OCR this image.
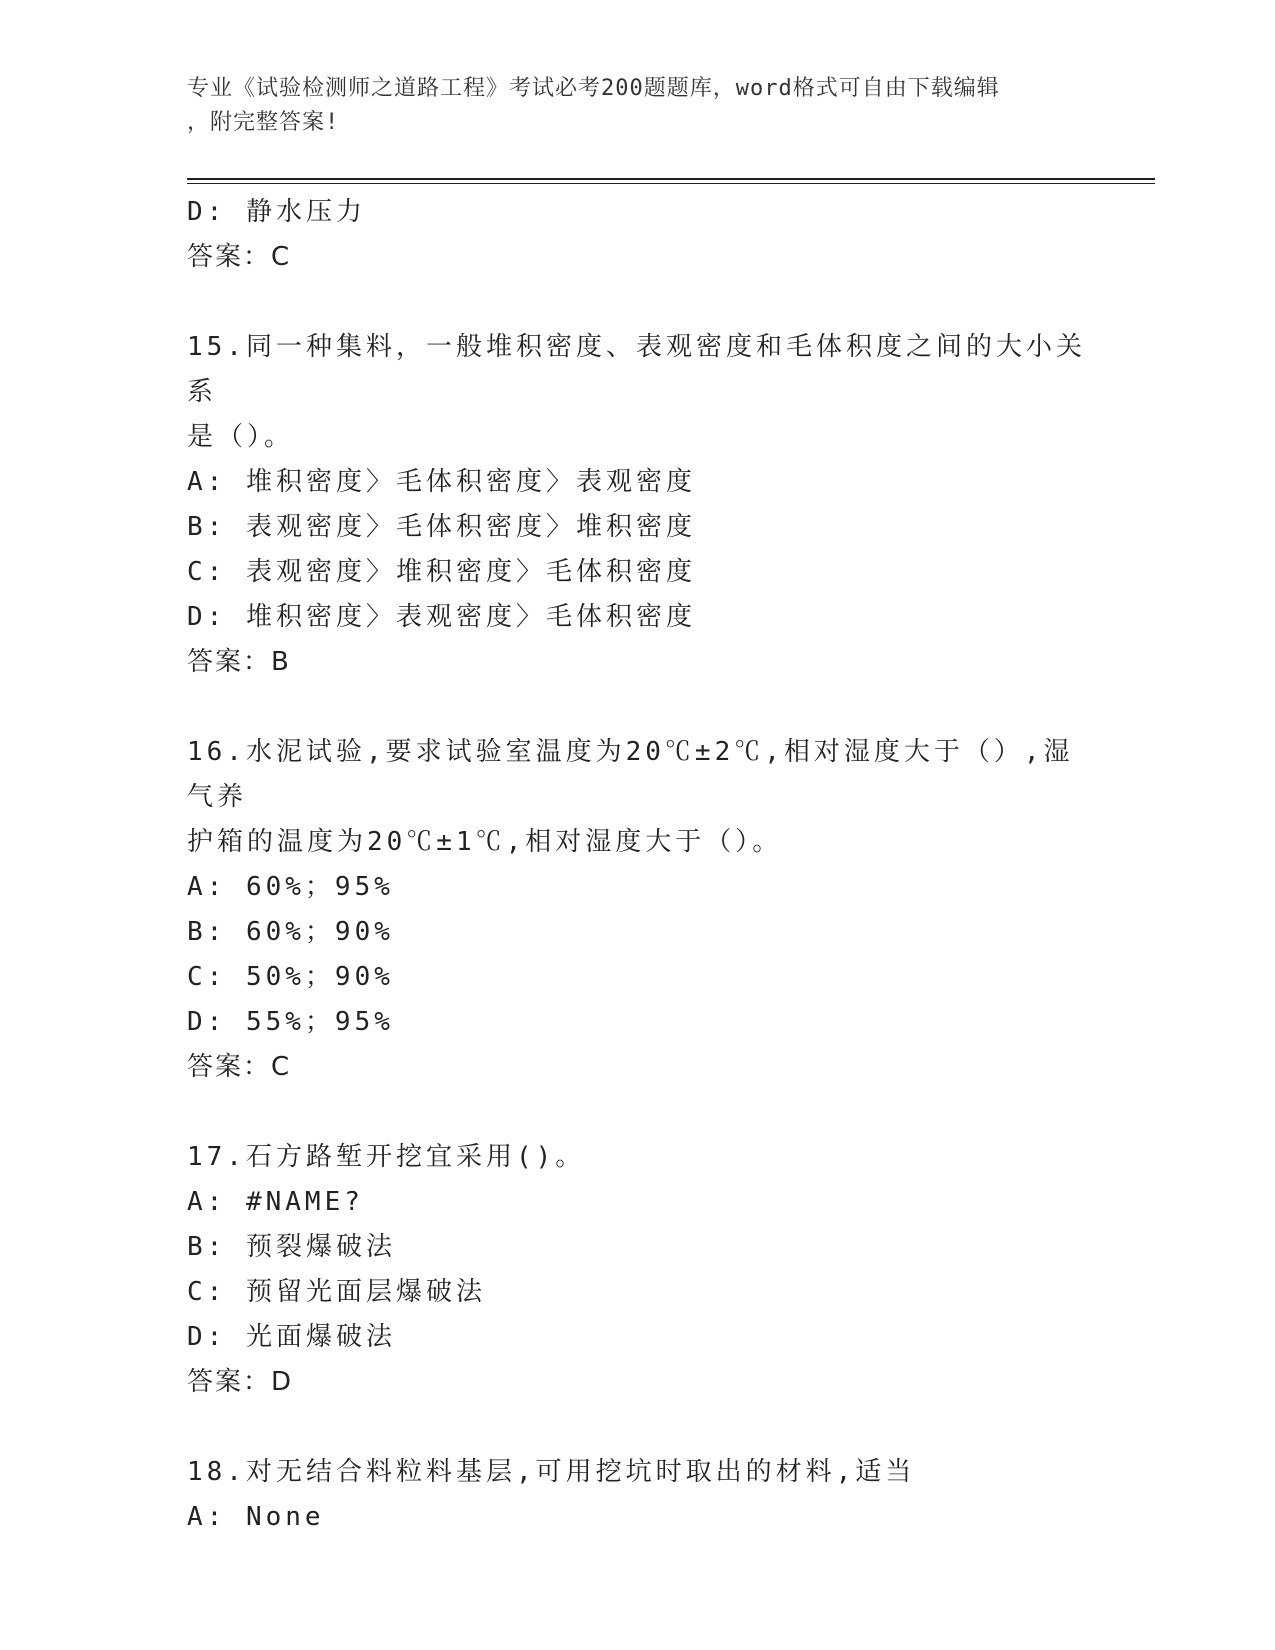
专业《试验检测师之道路工程》考试必考200题题库，word格式可自由下载编辑
，附完整答案!
D: 静水压力
答案：C
15.同一种集料，一般堆积密度、表观密度和毛体积度之间的大小关系
是（）。
A: 堆积密度〉毛体积密度〉表观密度
B: 表观密度〉毛体积密度〉堆积密度
C: 表观密度〉堆积密度〉毛体积密度
D: 堆积密度〉表观密度〉毛体积密度
答案：B
16.水泥试验,要求试验室温度为20℃±2℃,相对湿度大于（）,湿气养
护箱的温度为20℃±1℃,相对湿度大于（）。
A: 60%；95%
B: 60%；90%
C: 50%；90%
D: 55%；95%
答案：C
17.石方路堑开挖宜采用()。
A: #NAME?
B: 预裂爆破法
C: 预留光面层爆破法
D: 光面爆破法
答案：D
18.对无结合料粒料基层,可用挖坑时取出的材料,适当
A: None
